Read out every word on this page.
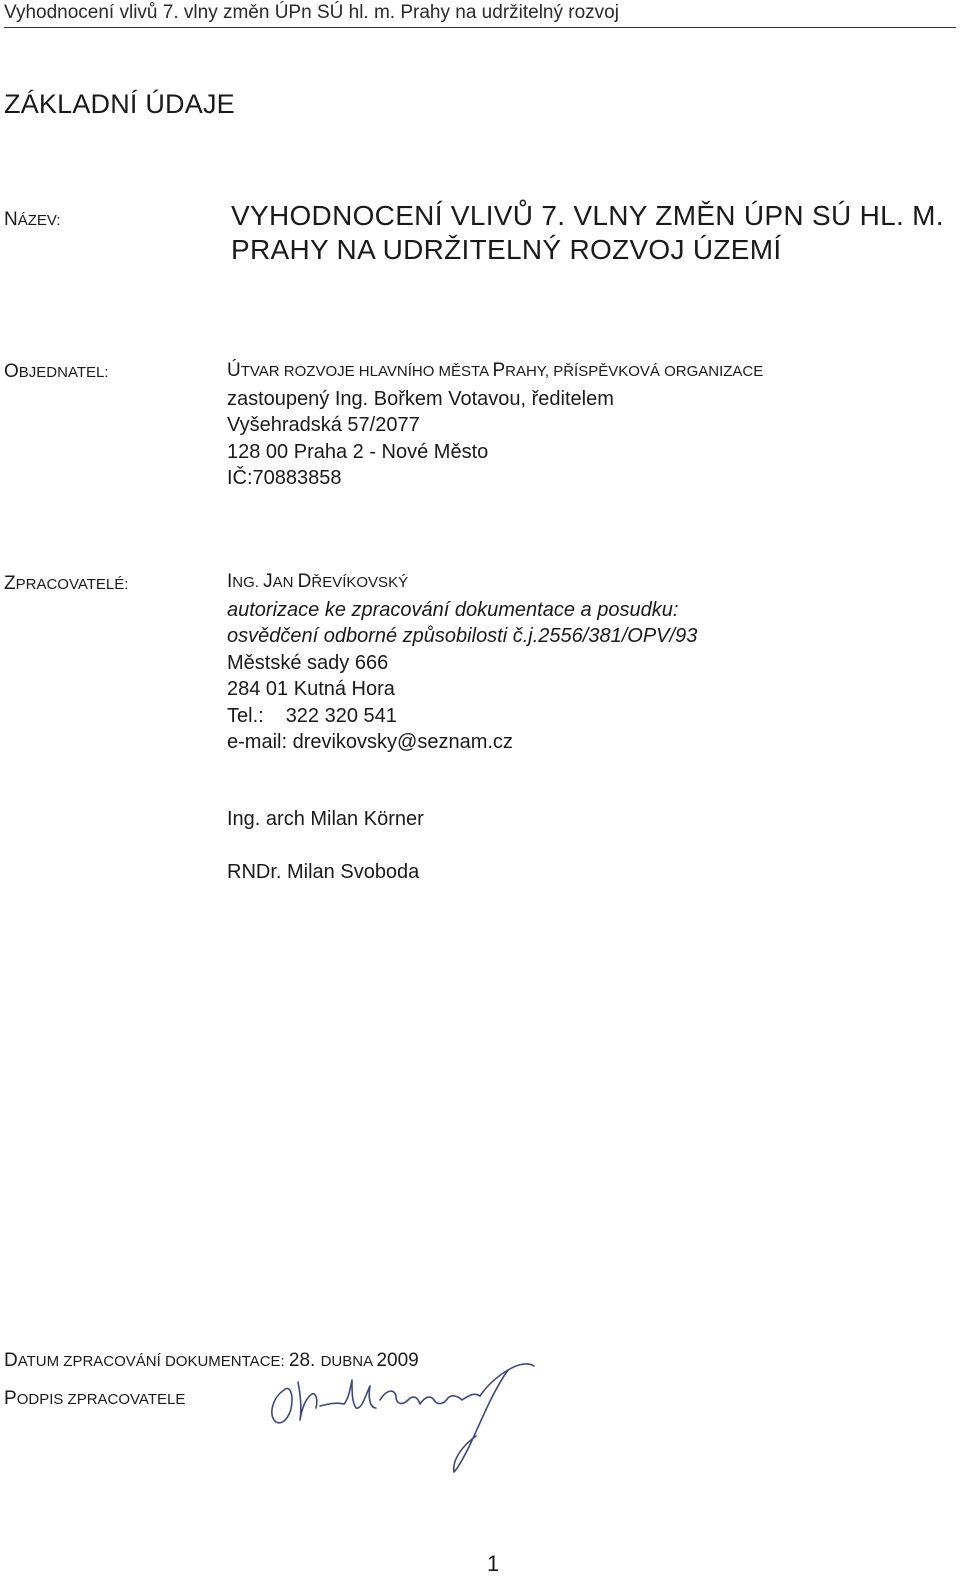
Vyhodnocení vlivů 7. vlny změn ÚPn SÚ hl. m. Prahy na udržitelný rozvoj
ZÁKLADNÍ ÚDAJE
NÁZEV:	VYHODNOCENÍ VLIVŮ 7. VLNY ZMĚN ÚPN SÚ HL. M. PRAHY NA UDRŽITELNÝ ROZVOJ ÚZEMÍ
OBJEDNATEL:	ÚTVAR ROZVOJE HLAVNÍHO MĚSTA PRAHY, PŘÍSPĚVKOVÁ ORGANIZACE
zastoupený Ing. Bořkem Votavou, ředitelem
Vyšehradská 57/2077
128 00 Praha 2 - Nové Město
IČ:70883858
ZPRACOVATELÉ:	ING. JAN DŘEVÍKOVSKÝ
autorizace ke zpracování dokumentace a posudku:
osvědčení odborné způsobilosti č.j.2556/381/OPV/93
Městské sady 666
284 01 Kutná Hora
Tel.: 322 320 541
e-mail: drevikovsky@seznam.cz
Ing. arch Milan Körner
RNDr. Milan Svoboda
DATUM ZPRACOVÁNÍ DOKUMENTACE: 28. DUBNA 2009
PODPIS ZPRACOVATELE
1
